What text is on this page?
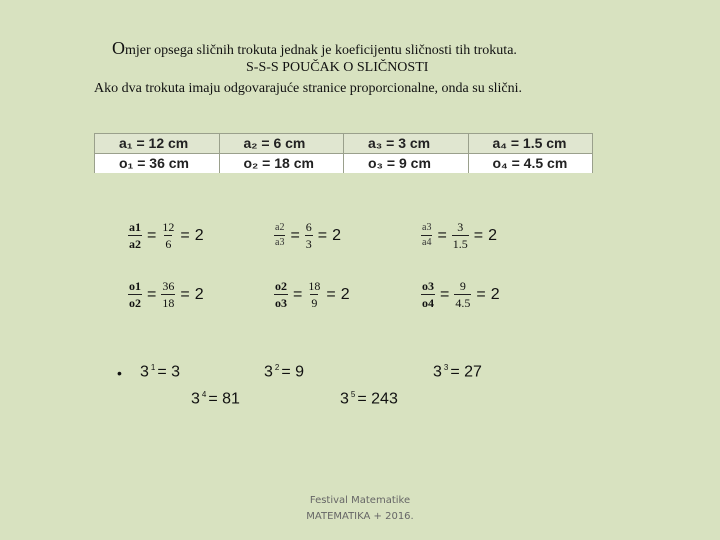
Omjer opsega sličnih trokuta jednak je koeficijentu sličnosti tih trokuta.
S-S-S POUČAK O SLIČNOSTI
Ako dva trokuta imaju odgovarajuće stranice proporcionalne, onda su slični.
a₁ = 12 cm	a₂ = 6 cm	a₃ = 3 cm	a₄ = 1.5 cm
o₁ = 36 cm	o₂ = 18 cm	o₃ = 9 cm	o₄ = 4.5 cm
$\frac{a1}{a2} = \frac{12}{6} = 2$	$\frac{a2}{a3} = \frac{6}{3} = 2$	$\frac{a3}{a4} = \frac{3}{1.5} = 2$
$\frac{o1}{o2} = \frac{36}{18} = 2$	$\frac{o2}{o3} = \frac{18}{9} = 2$	$\frac{o3}{o4} = \frac{9}{4.5} = 2$
• 3 $^1$ = 3	3 $^2$ = 9	3 $^3$ = 27
3 $^4$ = 81	3 $^5$ = 243
Festival Matematike
MATEMATIKA + 2016.
